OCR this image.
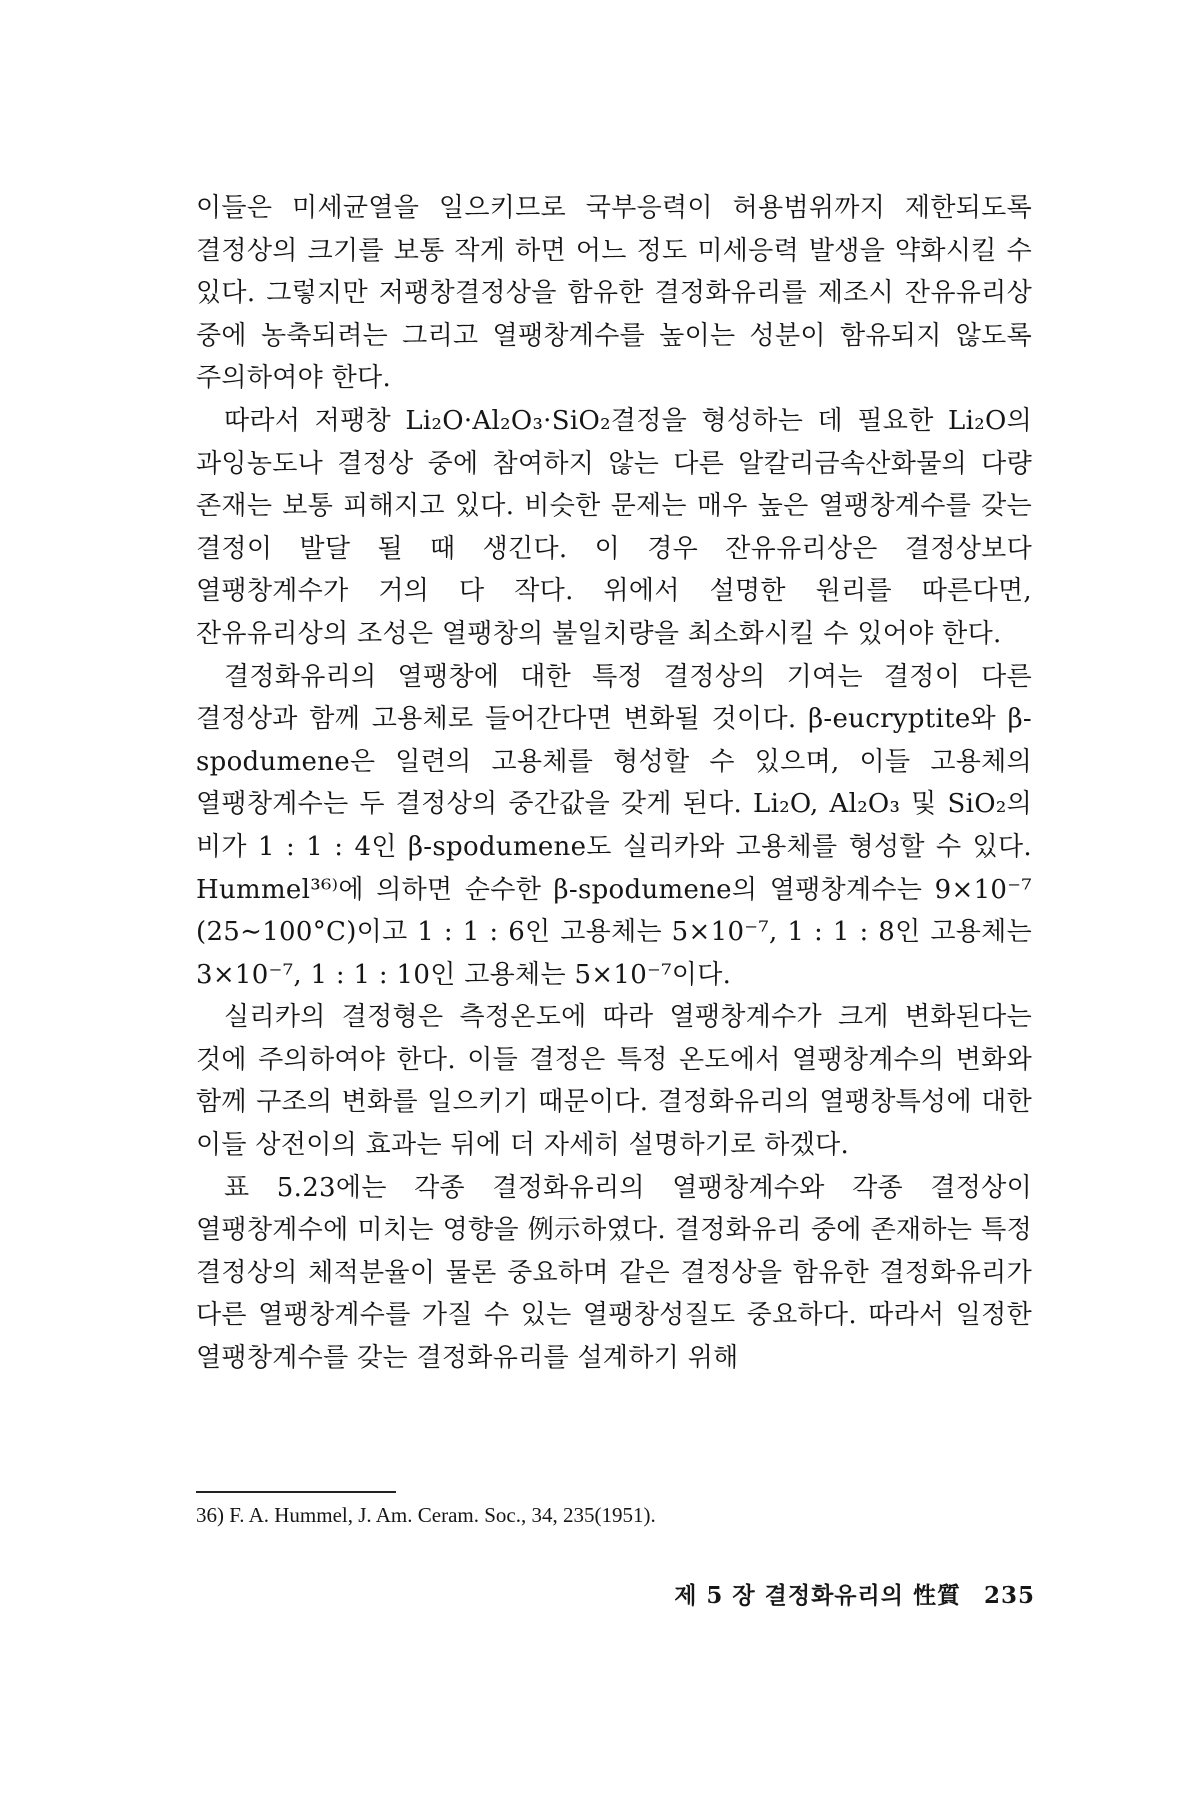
이들은 미세균열을 일으키므로 국부응력이 허용범위까지 제한되도록 결정상의 크기를 보통 작게 하면 어느 정도 미세응력 발생을 약화시킬 수 있다. 그렇지만 저팽창결정상을 함유한 결정화유리를 제조시 잔유유리상 중에 농축되려는 그리고 열팽창계수를 높이는 성분이 함유되지 않도록 주의하여야 한다.

따라서 저팽창 Li₂O·Al₂O₃·SiO₂결정을 형성하는 데 필요한 Li₂O의 과잉농도나 결정상 중에 참여하지 않는 다른 알칼리금속산화물의 다량 존재는 보통 피해지고 있다. 비슷한 문제는 매우 높은 열팽창계수를 갖는 결정이 발달 될 때 생긴다. 이 경우 잔유유리상은 결정상보다 열팽창계수가 거의 다 작다. 위에서 설명한 원리를 따른다면, 잔유유리상의 조성은 열팽창의 불일치량을 최소화시킬 수 있어야 한다.

결정화유리의 열팽창에 대한 특정 결정상의 기여는 결정이 다른 결정상과 함께 고용체로 들어간다면 변화될 것이다. β-eucryptite와 β-spodumene은 일련의 고용체를 형성할 수 있으며, 이들 고용체의 열팽창계수는 두 결정상의 중간값을 갖게 된다. Li₂O, Al₂O₃ 및 SiO₂의 비가 1 : 1 : 4인 β-spodumene도 실리카와 고용체를 형성할 수 있다. Hummel³⁶⁾에 의하면 순수한 β-spodumene의 열팽창계수는 9×10⁻⁷ (25∼100°C)이고 1 : 1 : 6인 고용체는 5×10⁻⁷, 1 : 1 : 8인 고용체는 3×10⁻⁷, 1 : 1 : 10인 고용체는 5×10⁻⁷이다.

실리카의 결정형은 측정온도에 따라 열팽창계수가 크게 변화된다는 것에 주의하여야 한다. 이들 결정은 특정 온도에서 열팽창계수의 변화와 함께 구조의 변화를 일으키기 때문이다. 결정화유리의 열팽창특성에 대한 이들 상전이의 효과는 뒤에 더 자세히 설명하기로 하겠다.

표 5.23에는 각종 결정화유리의 열팽창계수와 각종 결정상이 열팽창계수에 미치는 영향을 例示하였다. 결정화유리 중에 존재하는 특정 결정상의 체적분율이 물론 중요하며 같은 결정상을 함유한 결정화유리가 다른 열팽창계수를 가질 수 있는 열팽창성질도 중요하다. 따라서 일정한 열팽창계수를 갖는 결정화유리를 설계하기 위해

36) F. A. Hummel, J. Am. Ceram. Soc., 34, 235(1951).
제 5 장 결정화유리의 性質 235
